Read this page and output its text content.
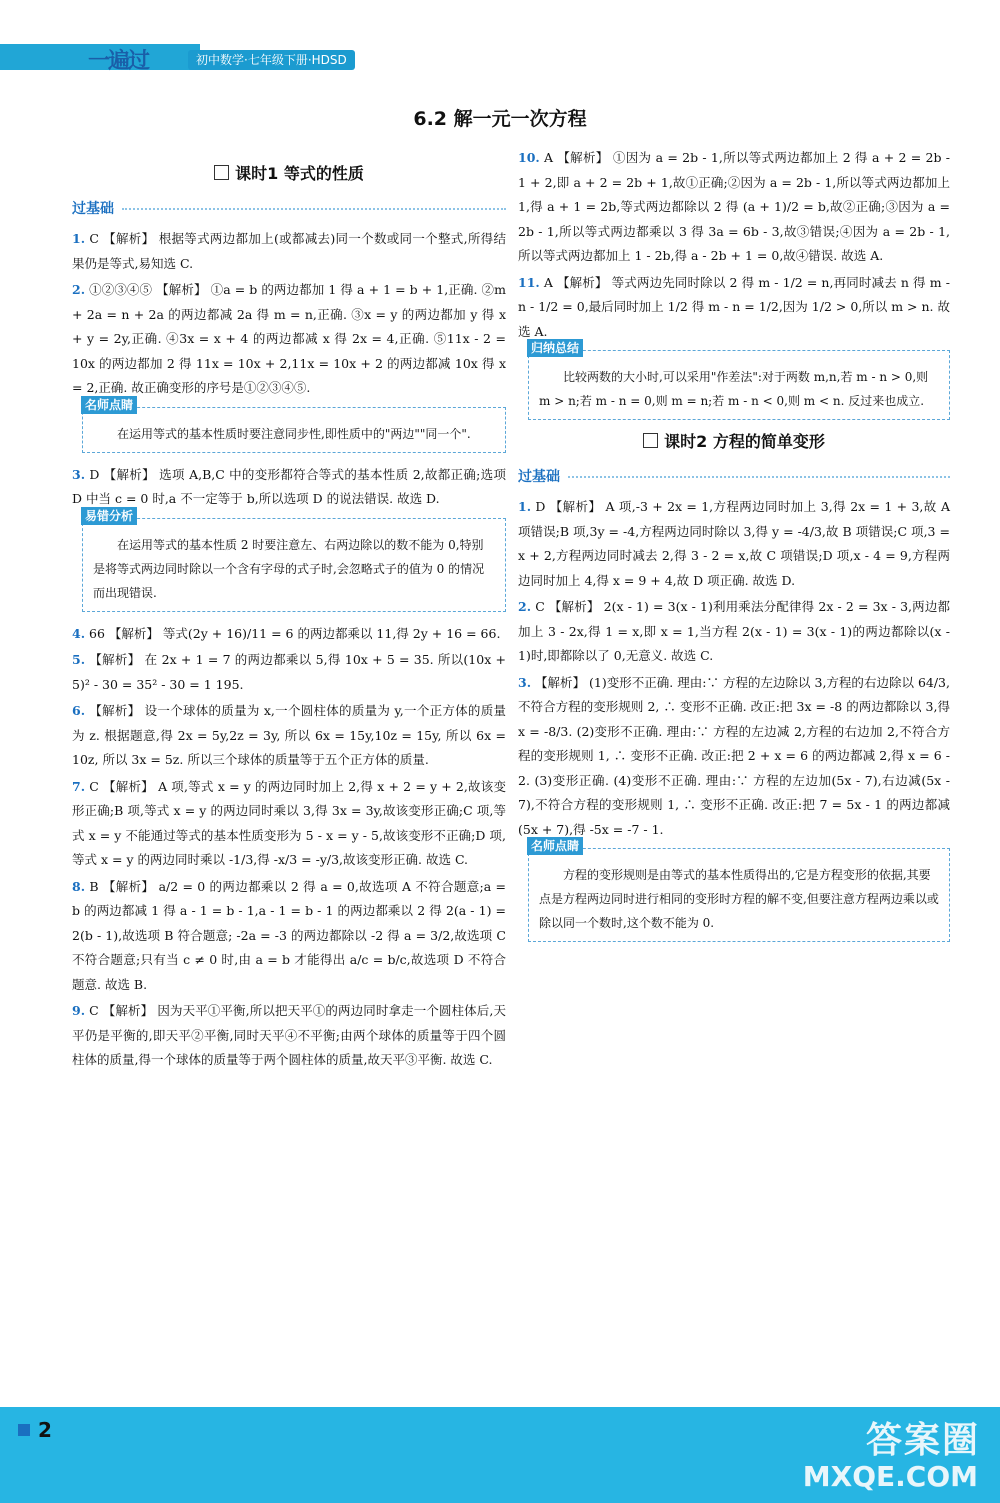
一遍过	初中数学·七年级下册·HDSD
6.2 解一元一次方程
课时1 等式的性质
过基础

1. C 【解析】 根据等式两边都加上(或都减去)同一个数或同一个整式,所得结果仍是等式,易知选 C.

2. ①②③④⑤ 【解析】 ①a = b 的两边都加 1 得 a + 1 = b + 1,正确. ②m + 2a = n + 2a 的两边都减 2a 得 m = n,正确. ③x = y 的两边都加 y 得 x + y = 2y,正确. ④3x = x + 4 的两边都减 x 得 2x = 4,正确. ⑤11x - 2 = 10x 的两边都加 2 得 11x = 10x + 2,11x = 10x + 2 的两边都减 10x 得 x = 2,正确. 故正确变形的序号是①②③④⑤.

名师点睛

在运用等式的基本性质时要注意同步性,即性质中的"两边""同一个".

3. D 【解析】 选项 A,B,C 中的变形都符合等式的基本性质 2,故都正确;选项 D 中当 c = 0 时,a 不一定等于 b,所以选项 D 的说法错误. 故选 D.

易错分析

在运用等式的基本性质 2 时要注意左、右两边除以的数不能为 0,特别是将等式两边同时除以一个含有字母的式子时,会忽略式子的值为 0 的情况而出现错误.

4. 66 【解析】 等式(2y + 16)/11 = 6 的两边都乘以 11,得 2y + 16 = 66.

5. 【解析】 在 2x + 1 = 7 的两边都乘以 5,得 10x + 5 = 35. 所以(10x + 5)² - 30 = 35² - 30 = 1 195.

6. 【解析】 设一个球体的质量为 x,一个圆柱体的质量为 y,一个正方体的质量为 z. 根据题意,得 2x = 5y,2z = 3y, 所以 6x = 15y,10z = 15y, 所以 6x = 10z, 所以 3x = 5z. 所以三个球体的质量等于五个正方体的质量.

7. C 【解析】 A 项,等式 x = y 的两边同时加上 2,得 x + 2 = y + 2,故该变形正确;B 项,等式 x = y 的两边同时乘以 3,得 3x = 3y,故该变形正确;C 项,等式 x = y 不能通过等式的基本性质变形为 5 - x = y - 5,故该变形不正确;D 项,等式 x = y 的两边同时乘以 -1/3,得 -x/3 = -y/3,故该变形正确. 故选 C.

8. B 【解析】 a/2 = 0 的两边都乘以 2 得 a = 0,故选项 A 不符合题意;a = b 的两边都减 1 得 a - 1 = b - 1,a - 1 = b - 1 的两边都乘以 2 得 2(a - 1) = 2(b - 1),故选项 B 符合题意; -2a = -3 的两边都除以 -2 得 a = 3/2,故选项 C 不符合题意;只有当 c ≠ 0 时,由 a = b 才能得出 a/c = b/c,故选项 D 不符合题意. 故选 B.

9. C 【解析】 因为天平①平衡,所以把天平①的两边同时拿走一个圆柱体后,天平仍是平衡的,即天平②平衡,同时天平④不平衡;由两个球体的质量等于四个圆柱体的质量,得一个球体的质量等于两个圆柱体的质量,故天平③平衡. 故选 C.

10. A 【解析】 ①因为 a = 2b - 1,所以等式两边都加上 2 得 a + 2 = 2b - 1 + 2,即 a + 2 = 2b + 1,故①正确;②因为 a = 2b - 1,所以等式两边都加上 1,得 a + 1 = 2b,等式两边都除以 2 得 (a + 1)/2 = b,故②正确;③因为 a = 2b - 1,所以等式两边都乘以 3 得 3a = 6b - 3,故③错误;④因为 a = 2b - 1,所以等式两边都加上 1 - 2b,得 a - 2b + 1 = 0,故④错误. 故选 A.

11. A 【解析】 等式两边先同时除以 2 得 m - 1/2 = n,再同时减去 n 得 m - n - 1/2 = 0,最后同时加上 1/2 得 m - n = 1/2,因为 1/2 > 0,所以 m > n. 故选 A.

归纳总结

比较两数的大小时,可以采用"作差法":对于两数 m,n,若 m - n > 0,则 m > n;若 m - n = 0,则 m = n;若 m - n < 0,则 m < n. 反过来也成立.

课时2 方程的简单变形
过基础

1. D 【解析】 A 项,-3 + 2x = 1,方程两边同时加上 3,得 2x = 1 + 3,故 A 项错误;B 项,3y = -4,方程两边同时除以 3,得 y = -4/3,故 B 项错误;C 项,3 = x + 2,方程两边同时减去 2,得 3 - 2 = x,故 C 项错误;D 项,x - 4 = 9,方程两边同时加上 4,得 x = 9 + 4,故 D 项正确. 故选 D.

2. C 【解析】 2(x - 1) = 3(x - 1)利用乘法分配律得 2x - 2 = 3x - 3,两边都加上 3 - 2x,得 1 = x,即 x = 1,当方程 2(x - 1) = 3(x - 1)的两边都除以(x - 1)时,即都除以了 0,无意义. 故选 C.

3. 【解析】 (1)变形不正确. 理由:∵ 方程的左边除以 3,方程的右边除以 64/3,不符合方程的变形规则 2, ∴ 变形不正确. 改正:把 3x = -8 的两边都除以 3,得 x = -8/3. (2)变形不正确. 理由:∵ 方程的左边减 2,方程的右边加 2,不符合方程的变形规则 1, ∴ 变形不正确. 改正:把 2 + x = 6 的两边都减 2,得 x = 6 - 2. (3)变形正确. (4)变形不正确. 理由:∵ 方程的左边加(5x - 7),右边减(5x - 7),不符合方程的变形规则 1, ∴ 变形不正确. 改正:把 7 = 5x - 1 的两边都减(5x + 7),得 -5x = -7 - 1.

名师点睛

方程的变形规则是由等式的基本性质得出的,它是方程变形的依据,其要点是方程两边同时进行相同的变形时方程的解不变,但要注意方程两边乘以或除以同一个数时,这个数不能为 0.

2	答案圈
MXQE.COM
